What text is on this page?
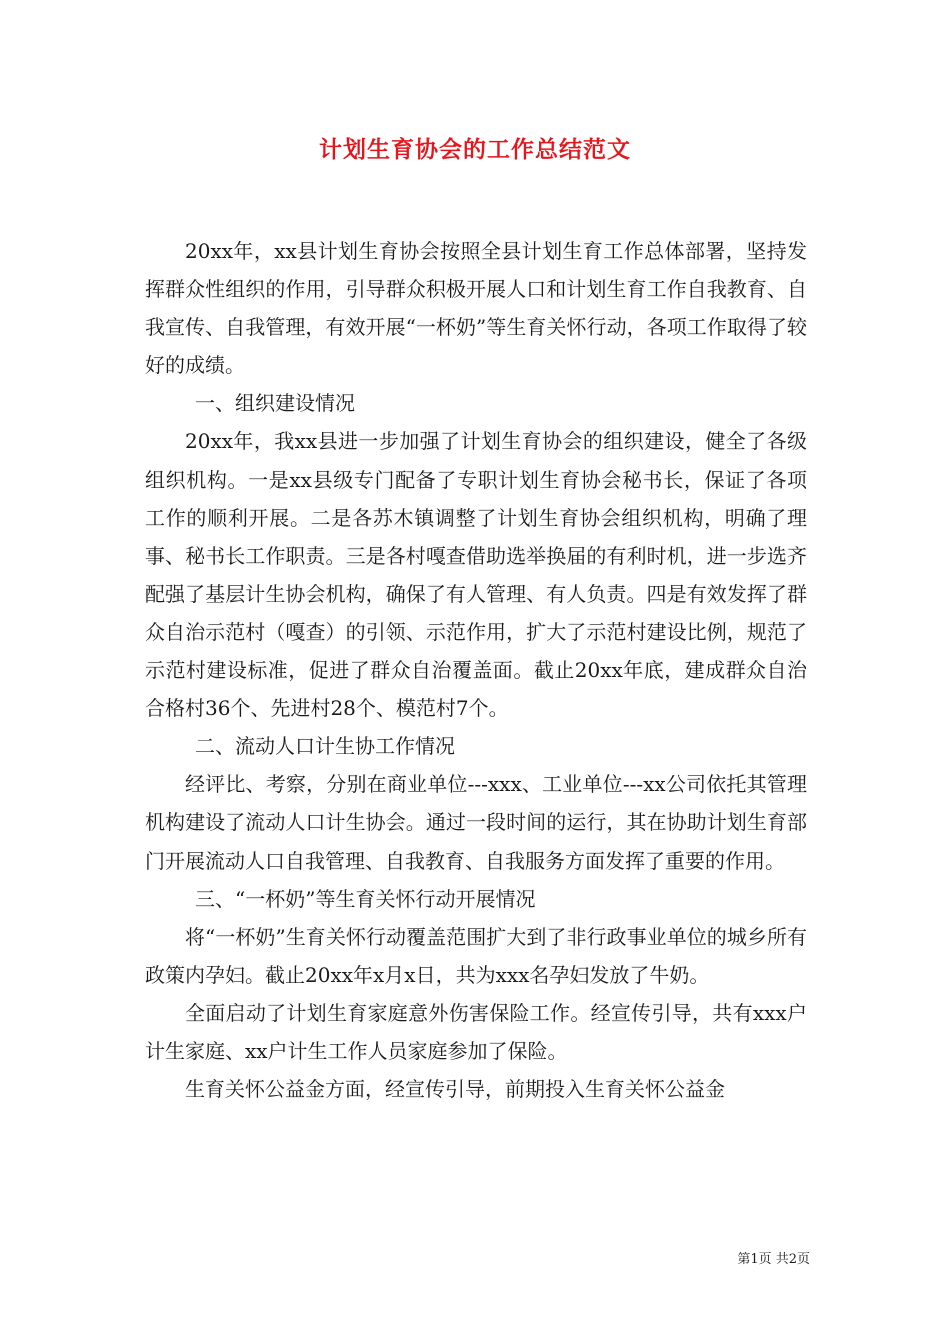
计划生育协会的工作总结范文

20xx年，xx县计划生育协会按照全县计划生育工作总体部署，坚持发挥群众性组织的作用，引导群众积极开展人口和计划生育工作自我教育、自我宣传、自我管理，有效开展“一杯奶”等生育关怀行动，各项工作取得了较好的成绩。

一、组织建设情况

20xx年，我xx县进一步加强了计划生育协会的组织建设，健全了各级组织机构。一是xx县级专门配备了专职计划生育协会秘书长，保证了各项工作的顺利开展。二是各苏木镇调整了计划生育协会组织机构，明确了理事、秘书长工作职责。三是各村嘎查借助选举换届的有利时机，进一步选齐配强了基层计生协会机构，确保了有人管理、有人负责。四是有效发挥了群众自治示范村（嘎查）的引领、示范作用，扩大了示范村建设比例，规范了示范村建设标准，促进了群众自治覆盖面。截止20xx年底，建成群众自治合格村36个、先进村28个、模范村7个。

二、流动人口计生协工作情况

经评比、考察，分别在商业单位---xxx、工业单位---xx公司依托其管理机构建设了流动人口计生协会。通过一段时间的运行，其在协助计划生育部门开展流动人口自我管理、自我教育、自我服务方面发挥了重要的作用。

三、“一杯奶”等生育关怀行动开展情况

将“一杯奶”生育关怀行动覆盖范围扩大到了非行政事业单位的城乡所有政策内孕妇。截止20xx年x月x日，共为xxx名孕妇发放了牛奶。

全面启动了计划生育家庭意外伤害保险工作。经宣传引导，共有xxx户计生家庭、xx户计生工作人员家庭参加了保险。

生育关怀公益金方面，经宣传引导，前期投入生育关怀公益金

第1页 共2页
